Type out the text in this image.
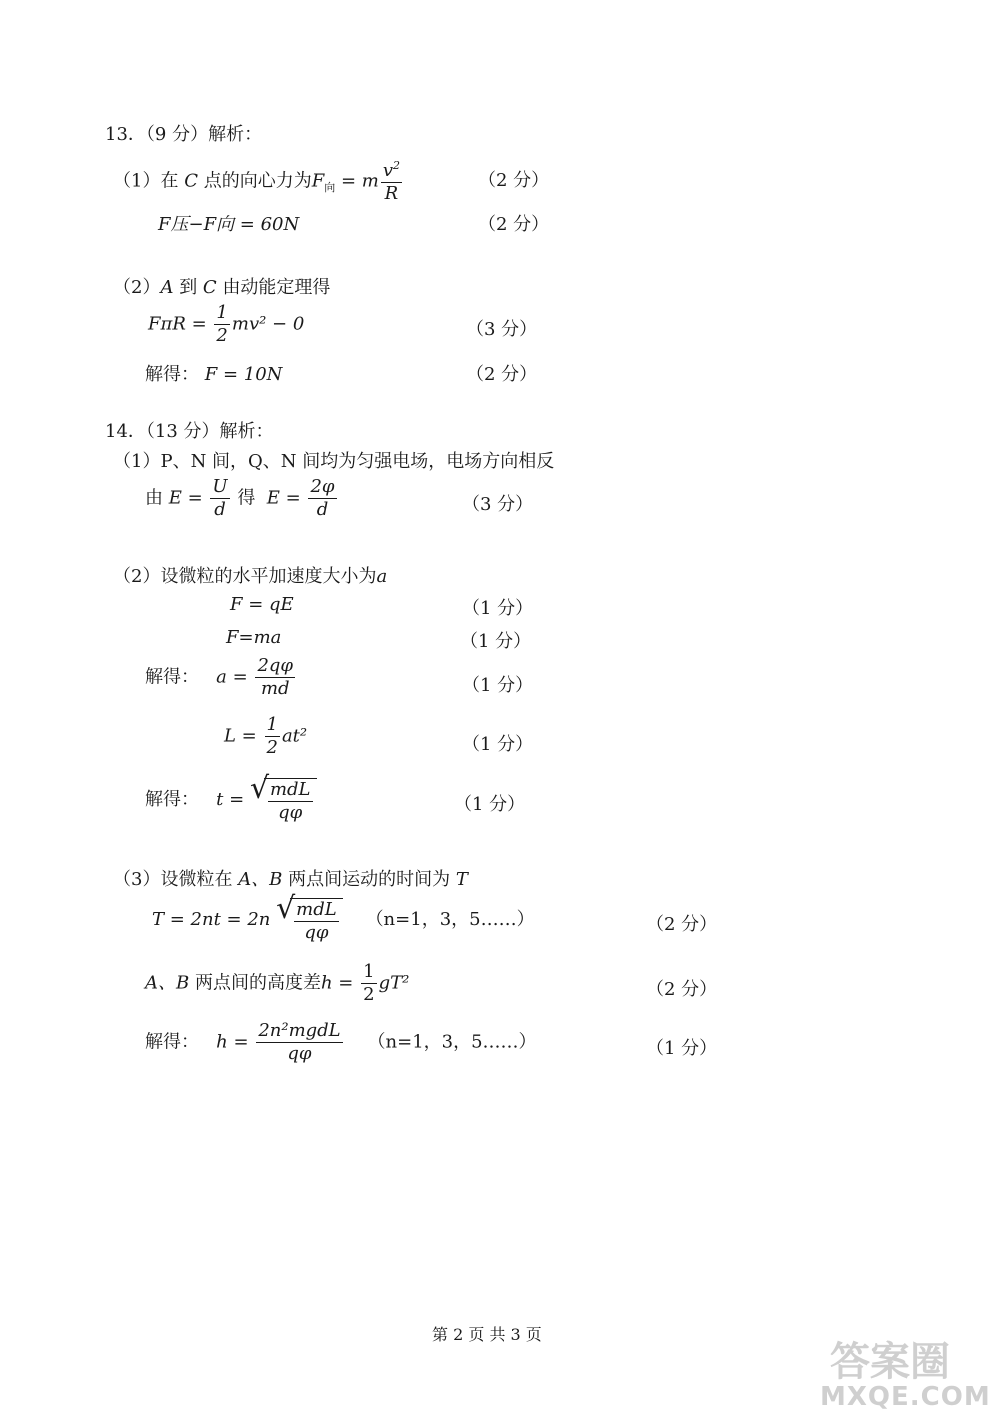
13．（9 分）解析：
（1）在 C 点的向心力为$F_向 = m \frac{v^2}{R}$	（2 分）
F压−F向 = 60N	（2 分）
（2）A 到 C 由动能定理得
$F\pi R = \frac{1}{2} mv^2 - 0$	（3 分）
解得： F = 10N	（2 分）
14．（13 分）解析：
（1）P、N 间，Q、N 间均为匀强电场，电场方向相反
由 $E = \frac{U}{d}$ 得 $E = \frac{2\varphi}{d}$	（3 分）
（2）设微粒的水平加速度大小为a
F = qE	（1 分）
F=ma	（1 分）
解得： $a = \frac{2q\varphi}{md}$	（1 分）
$L = \frac{1}{2} at^2$	（1 分）
解得： t = √
$\frac{\text{mdL}}{q\varphi}$	（1 分）
（3）设微粒在 A、B 两点间运动的时间为 T
T = 2nt = 2n √
$\frac{\text{mdL}}{q\varphi} (n=1$，3，5……）	（2 分）
A、B 两点间的高度差$h = \frac{1}{2} gT^2$	（2 分）
解得： $h = \frac{\text{2n²mgdL}}{q\varphi} (n=1$，3，5……）	（1 分）
第 2 页 共 3 页
答案圈
MXQE.COM
